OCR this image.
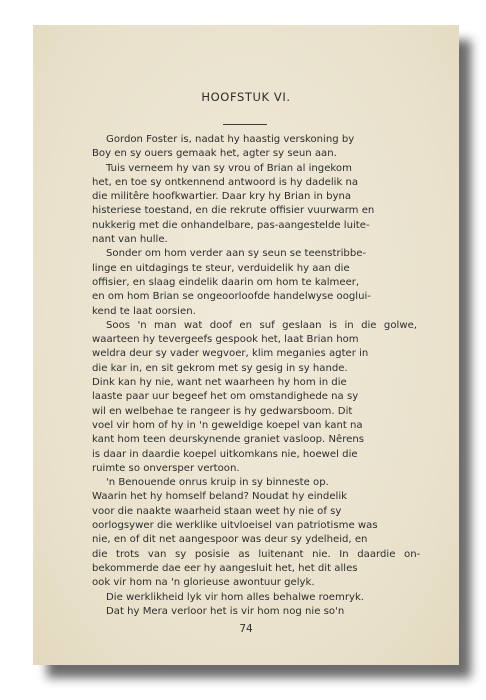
HOOFSTUK VI.

Gordon Foster is, nadat hy haastig verskoning by

Boy en sy ouers gemaak het, agter sy seun aan.

Tuis verneem hy van sy vrou of Brian al ingekom

het, en toe sy ontkennend antwoord is hy dadelik na

die militêre hoofkwartier. Daar kry hy Brian in byna

histeriese toestand, en die rekrute offisier vuurwarm en

nukkerig met die onhandelbare, pas-aangestelde luite-

nant van hulle.

Sonder om hom verder aan sy seun se teenstribbe-

linge en uitdagings te steur, verduidelik hy aan die

offisier, en slaag eindelik daarin om hom te kalmeer,

en om hom Brian se ongeoorloofde handelwyse ooglui-

kend te laat oorsien.

Soos 'n man wat doof en suf geslaan is in die golwe,

waarteen hy tevergeefs gespook het, laat Brian hom

weldra deur sy vader wegvoer, klim meganies agter in

die kar in, en sit gekrom met sy gesig in sy hande.

Dink kan hy nie, want net waarheen hy hom in die

laaste paar uur begeef het om omstandighede na sy

wil en welbehae te rangeer is hy gedwarsboom. Dit

voel vir hom of hy in 'n geweldige koepel van kant na

kant hom teen deurskynende graniet vasloop. Nêrens

is daar in daardie koepel uitkomkans nie, hoewel die

ruimte so onversper vertoon.

'n Benouende onrus kruip in sy binneste op.

Waarin het hy homself beland? Noudat hy eindelik

voor die naakte waarheid staan weet hy nie of sy

oorlogsywer die werklike uitvloeisel van patriotisme was

nie, en of dit net aangespoor was deur sy ydelheid, en

die trots van sy posisie as luitenant nie. In daardie on-

bekommerde dae eer hy aangesluit het, het dit alles

ook vir hom na 'n glorieuse awontuur gelyk.

Die werklikheid lyk vir hom alles behalwe roemryk.

Dat hy Mera verloor het is vir hom nog nie so'n

74
